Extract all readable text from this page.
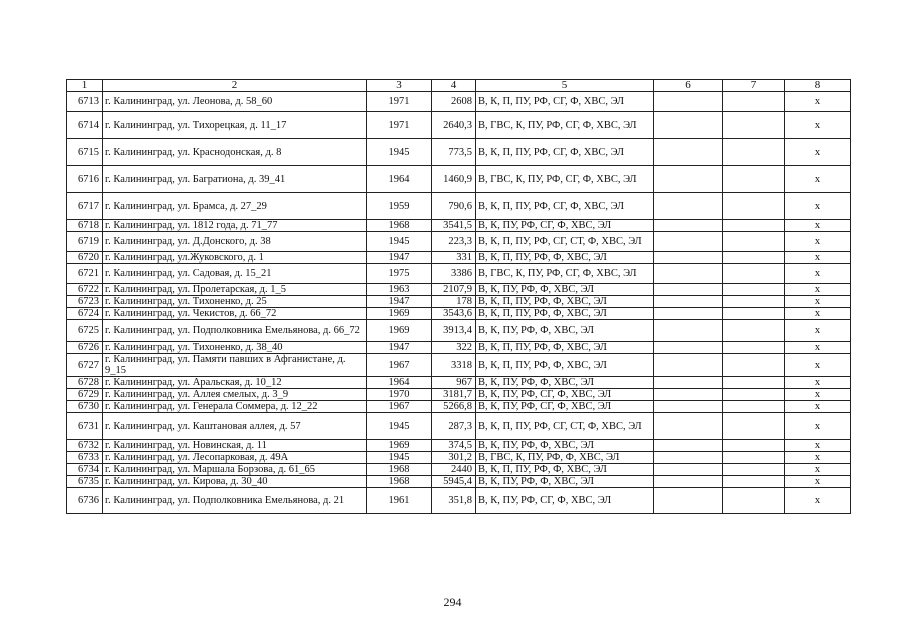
1	2	3	4	5	6	7	8
6713	г. Калининград, ул. Леонова, д. 58_60	1971	2608	В, К, П, ПУ, РФ, СГ, Ф, ХВС, ЭЛ			х
6714	г. Калининград, ул. Тихорецкая, д. 11_17	1971	2640,3	В, ГВС, К, ПУ, РФ, СГ, Ф, ХВС, ЭЛ			х
6715	г. Калининград, ул. Краснодонская, д. 8	1945	773,5	В, К, П, ПУ, РФ, СГ, Ф, ХВС, ЭЛ			х
6716	г. Калининград, ул. Багратиона, д. 39_41	1964	1460,9	В, ГВС, К, ПУ, РФ, СГ, Ф, ХВС, ЭЛ			х
6717	г. Калининград, ул. Брамса, д. 27_29	1959	790,6	В, К, П, ПУ, РФ, СГ, Ф, ХВС, ЭЛ			х
6718	г. Калининград, ул. 1812 года, д. 71_77	1968	3541,5	В, К, ПУ, РФ, СГ, Ф, ХВС, ЭЛ			х
6719	г. Калининград, ул. Д.Донского, д. 38	1945	223,3	В, К, П, ПУ, РФ, СГ, СТ, Ф, ХВС, ЭЛ			х
6720	г. Калининград, ул.Жуковского, д. 1	1947	331	В, К, П, ПУ, РФ, Ф, ХВС, ЭЛ			х
6721	г. Калининград, ул. Садовая, д. 15_21	1975	3386	В, ГВС, К, ПУ, РФ, СГ, Ф, ХВС, ЭЛ			х
6722	г. Калининград, ул. Пролетарская, д. 1_5	1963	2107,9	В, К, ПУ, РФ, Ф, ХВС, ЭЛ			х
6723	г. Калининград, ул. Тихоненко, д. 25	1947	178	В, К, П, ПУ, РФ, Ф, ХВС, ЭЛ			х
6724	г. Калининград, ул. Чекистов, д. 66_72	1969	3543,6	В, К, П, ПУ, РФ, Ф, ХВС, ЭЛ			х
6725	г. Калининград, ул. Подполковника Емельянова, д. 66_72	1969	3913,4	В, К, ПУ, РФ, Ф, ХВС, ЭЛ			х
6726	г. Калининград, ул. Тихоненко, д. 38_40	1947	322	В, К, П, ПУ, РФ, Ф, ХВС, ЭЛ			х
6727	г. Калининград, ул. Памяти павших в Афганистане, д. 9_15	1967	3318	В, К, П, ПУ, РФ, Ф, ХВС, ЭЛ			х
6728	г. Калининград, ул. Аральская, д. 10_12	1964	967	В, К, ПУ, РФ, Ф, ХВС, ЭЛ			х
6729	г. Калининград, ул. Аллея смелых, д. 3_9	1970	3181,7	В, К, ПУ, РФ, СГ, Ф, ХВС, ЭЛ			х
6730	г. Калининград, ул. Генерала Соммера, д. 12_22	1967	5266,8	В, К, ПУ, РФ, СГ, Ф, ХВС, ЭЛ			х
6731	г. Калининград, ул. Каштановая аллея, д. 57	1945	287,3	В, К, П, ПУ, РФ, СГ, СТ, Ф, ХВС, ЭЛ			х
6732	г. Калининград, ул. Новинская, д. 11	1969	374,5	В, К, ПУ, РФ, Ф, ХВС, ЭЛ			х
6733	г. Калининград, ул. Лесопарковая, д. 49А	1945	301,2	В, ГВС, К, ПУ, РФ, Ф, ХВС, ЭЛ			х
6734	г. Калининград, ул. Маршала Борзова, д. 61_65	1968	2440	В, К, П, ПУ, РФ, Ф, ХВС, ЭЛ			х
6735	г. Калининград, ул. Кирова, д. 30_40	1968	5945,4	В, К, ПУ, РФ, Ф, ХВС, ЭЛ			х
6736	г. Калининград, ул. Подполковника Емельянова, д. 21	1961	351,8	В, К, ПУ, РФ, СГ, Ф, ХВС, ЭЛ			х
294
